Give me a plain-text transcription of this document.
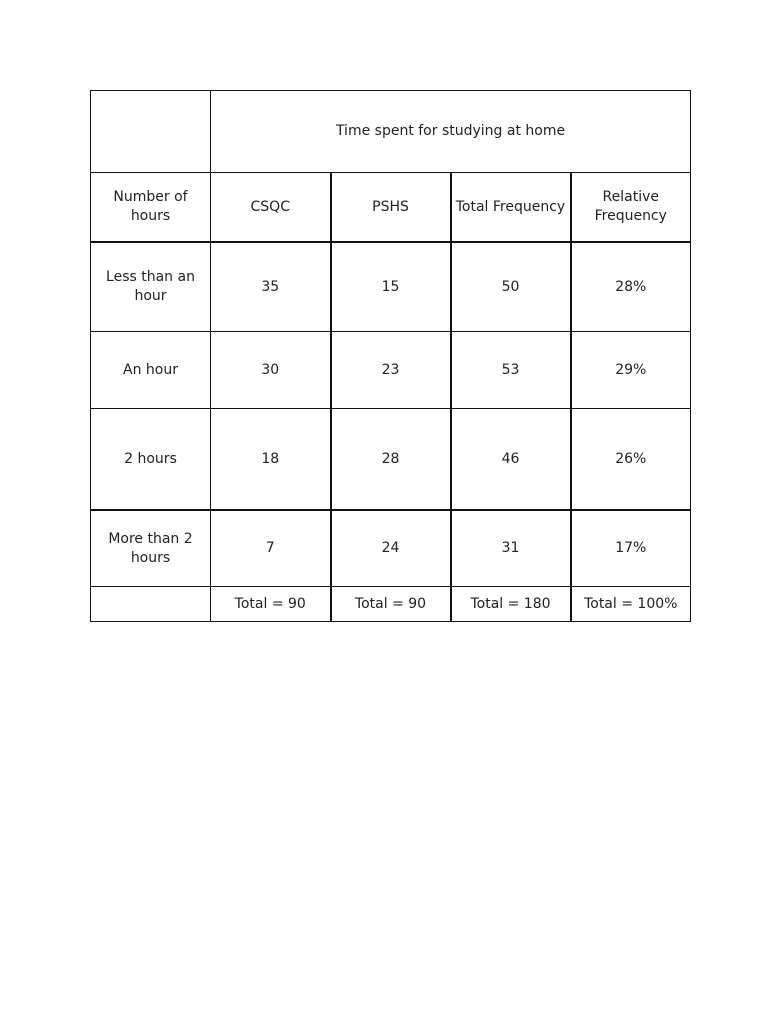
	Time spent for studying at home			
Number of hours	CSQC	PSHS	Total Frequency	Relative Frequency
Less than an hour	35	15	50	28%
An hour	30	23	53	29%
2 hours	18	28	46	26%
More than 2 hours	7	24	31	17%
	Total = 90	Total = 90	Total = 180	Total = 100%
